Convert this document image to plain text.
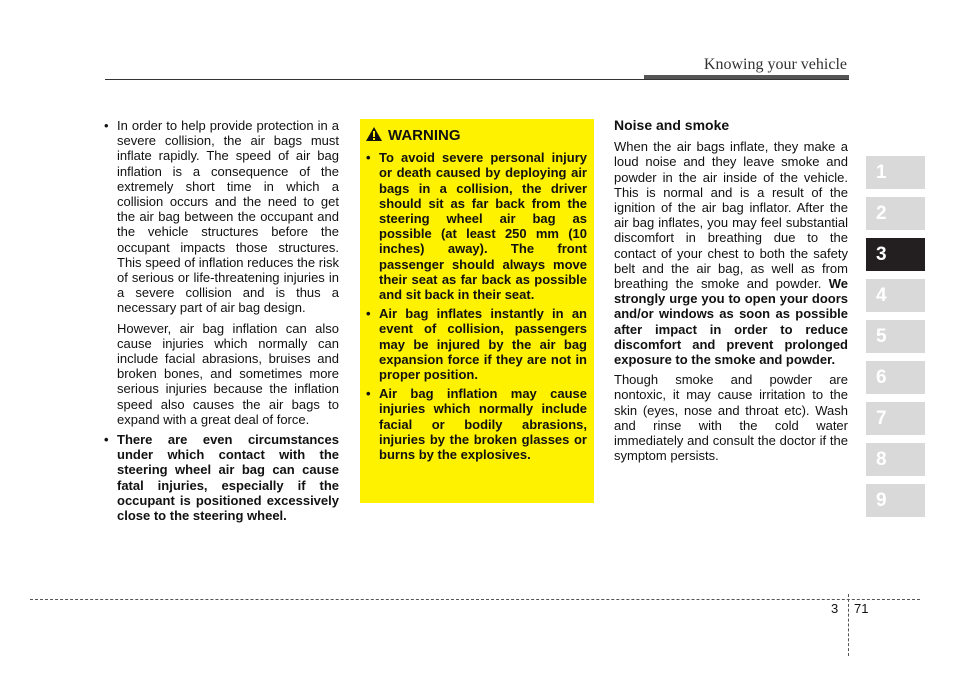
Knowing your vehicle
• In order to help provide protection in a severe collision, the air bags must inflate rapidly. The speed of air bag inflation is a consequence of the extremely short time in which a collision occurs and the need to get the air bag between the occupant and the vehicle structures before the occupant impacts those structures. This speed of inflation reduces the risk of serious or life-threatening injuries in a severe collision and is thus a necessary part of air bag design.

However, air bag inflation can also cause injuries which normally can include facial abrasions, bruises and broken bones, and sometimes more serious injuries because the inflation speed also causes the air bags to expand with a great deal of force.

• There are even circumstances under which contact with the steering wheel air bag can cause fatal injuries, especially if the occupant is positioned excessively close to the steering wheel.
WARNING
• To avoid severe personal injury or death caused by deploying air bags in a collision, the driver should sit as far back from the steering wheel air bag as possible (at least 250 mm (10 inches) away). The front passenger should always move their seat as far back as possible and sit back in their seat.
• Air bag inflates instantly in an event of collision, passengers may be injured by the air bag expansion force if they are not in proper position.
• Air bag inflation may cause injuries which normally include facial or bodily abrasions, injuries by the broken glasses or burns by the explosives.
Noise and smoke

When the air bags inflate, they make a loud noise and they leave smoke and powder in the air inside of the vehicle. This is normal and is a result of the ignition of the air bag inflator. After the air bag inflates, you may feel substantial discomfort in breathing due to the contact of your chest to both the safety belt and the air bag, as well as from breathing the smoke and powder. We strongly urge you to open your doors and/or windows as soon as possible after impact in order to reduce discomfort and prevent prolonged exposure to the smoke and powder.

Though smoke and powder are nontoxic, it may cause irritation to the skin (eyes, nose and throat etc). Wash and rinse with the cold water immediately and consult the doctor if the symptom persists.

1
2
3
4
5
6
7
8
9
3 71
